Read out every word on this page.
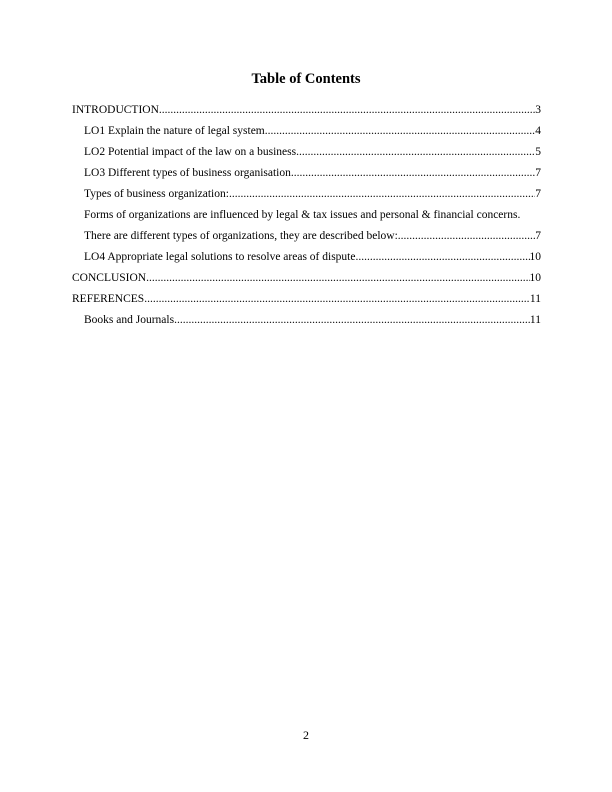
Table of Contents
INTRODUCTION .....	3
LO1 Explain the nature of legal system .....	4
LO2 Potential impact of the law on a business .....	5
LO3 Different types of business organisation .....	7
Types of business organization: .....	7
Forms of organizations are influenced by legal & tax issues and personal & financial concerns.
There are different types of organizations, they are described below: .....	7
LO4 Appropriate legal solutions to resolve areas of dispute .....	10
CONCLUSION .....	10
REFERENCES .....	11
Books and Journals .....	11

2
